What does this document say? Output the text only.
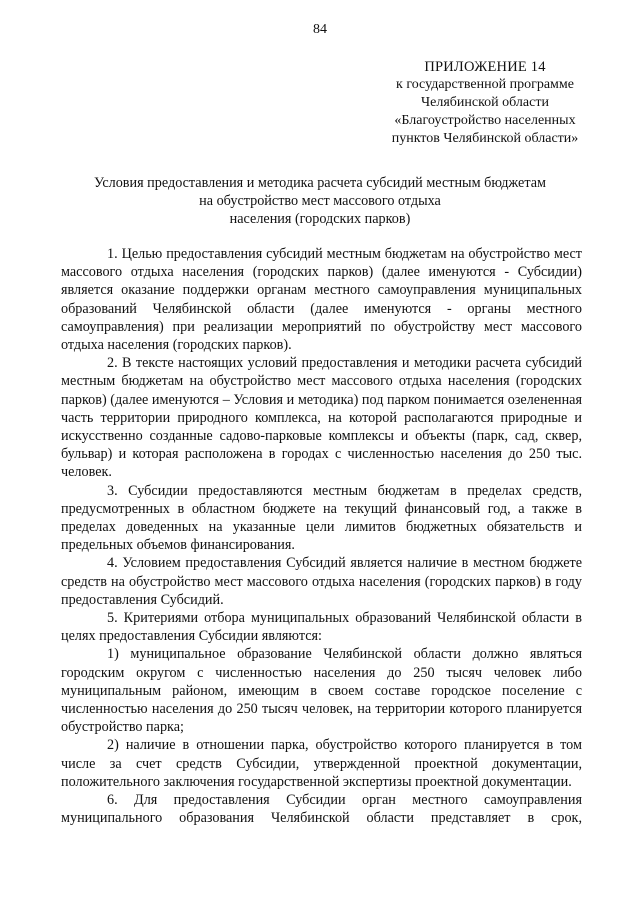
84
ПРИЛОЖЕНИЕ 14
к государственной программе
Челябинской области
«Благоустройство населенных
пунктов Челябинской области»
Условия предоставления и методика расчета субсидий местным бюджетам
на обустройство мест массового отдыха
населения (городских парков)

1. Целью предоставления субсидий местным бюджетам на обустройство мест массового отдыха населения (городских парков) (далее именуются - Субсидии) является оказание поддержки органам местного самоуправления муниципальных образований Челябинской области (далее именуются - органы местного самоуправления) при реализации мероприятий по обустройству мест массового отдыха населения (городских парков).

2. В тексте настоящих условий предоставления и методики расчета субсидий местным бюджетам на обустройство мест массового отдыха населения (городских парков) (далее именуются – Условия и методика) под парком понимается озелененная часть территории природного комплекса, на которой располагаются природные и искусственно созданные садово-парковые комплексы и объекты (парк, сад, сквер, бульвар) и которая расположена в городах с численностью населения до 250 тыс. человек.

3. Субсидии предоставляются местным бюджетам в пределах средств, предусмотренных в областном бюджете на текущий финансовый год, а также в пределах доведенных на указанные цели лимитов бюджетных обязательств и предельных объемов финансирования.

4. Условием предоставления Субсидий является наличие в местном бюджете средств на обустройство мест массового отдыха населения (городских парков) в году предоставления Субсидий.

5. Критериями отбора муниципальных образований Челябинской области в целях предоставления Субсидии являются:

1) муниципальное образование Челябинской области должно являться городским округом с численностью населения до 250 тысяч человек либо муниципальным районом, имеющим в своем составе городское поселение с численностью населения до 250 тысяч человек, на территории которого планируется обустройство парка;

2) наличие в отношении парка, обустройство которого планируется в том числе за счет средств Субсидии, утвержденной проектной документации, положительного заключения государственной экспертизы проектной документации.

6. Для предоставления Субсидии орган местного самоуправления муниципального образования Челябинской области представляет в срок,
